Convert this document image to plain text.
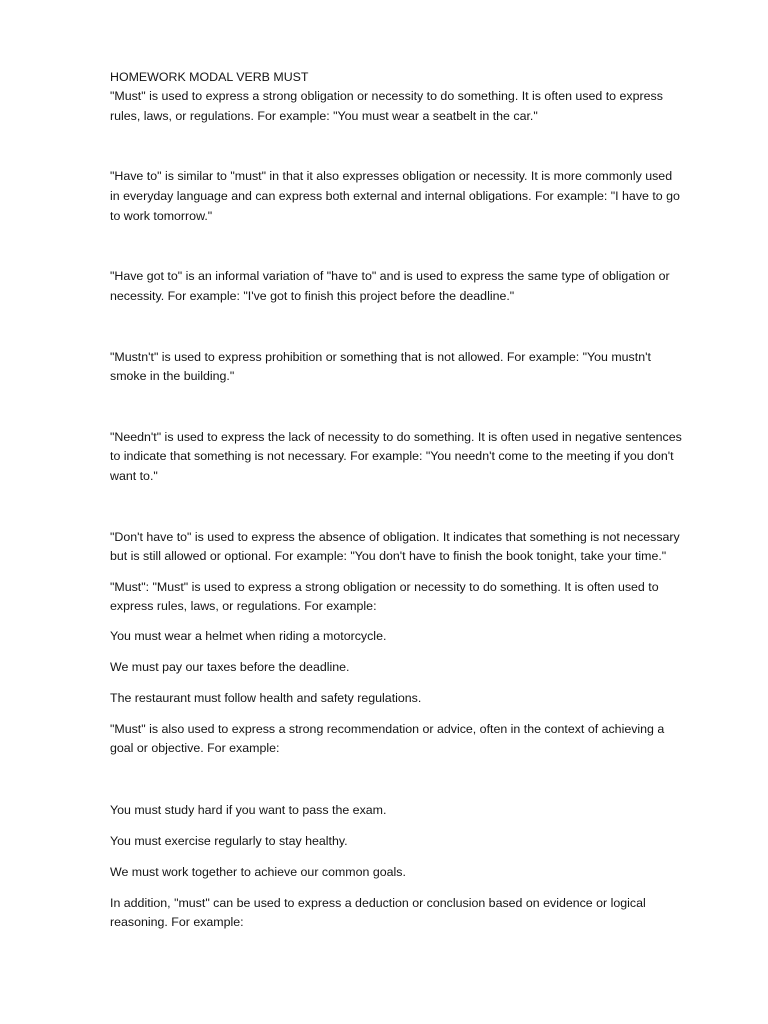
HOMEWORK MODAL VERB MUST

"Must" is used to express a strong obligation or necessity to do something. It is often used to express

rules, laws, or regulations. For example: "You must wear a seatbelt in the car."

"Have to" is similar to "must" in that it also expresses obligation or necessity. It is more commonly used

in everyday language and can express both external and internal obligations. For example: "I have to go

to work tomorrow."

"Have got to" is an informal variation of "have to" and is used to express the same type of obligation or

necessity. For example: "I've got to finish this project before the deadline."

"Mustn't" is used to express prohibition or something that is not allowed. For example: "You mustn't

smoke in the building."

"Needn't" is used to express the lack of necessity to do something. It is often used in negative sentences

to indicate that something is not necessary. For example: "You needn't come to the meeting if you don't

want to."

"Don't have to" is used to express the absence of obligation. It indicates that something is not necessary

but is still allowed or optional. For example: "You don't have to finish the book tonight, take your time."

"Must": "Must" is used to express a strong obligation or necessity to do something. It is often used to

express rules, laws, or regulations. For example:

You must wear a helmet when riding a motorcycle.

We must pay our taxes before the deadline.

The restaurant must follow health and safety regulations.

"Must" is also used to express a strong recommendation or advice, often in the context of achieving a

goal or objective. For example:

You must study hard if you want to pass the exam.

You must exercise regularly to stay healthy.

We must work together to achieve our common goals.

In addition, "must" can be used to express a deduction or conclusion based on evidence or logical

reasoning. For example:
